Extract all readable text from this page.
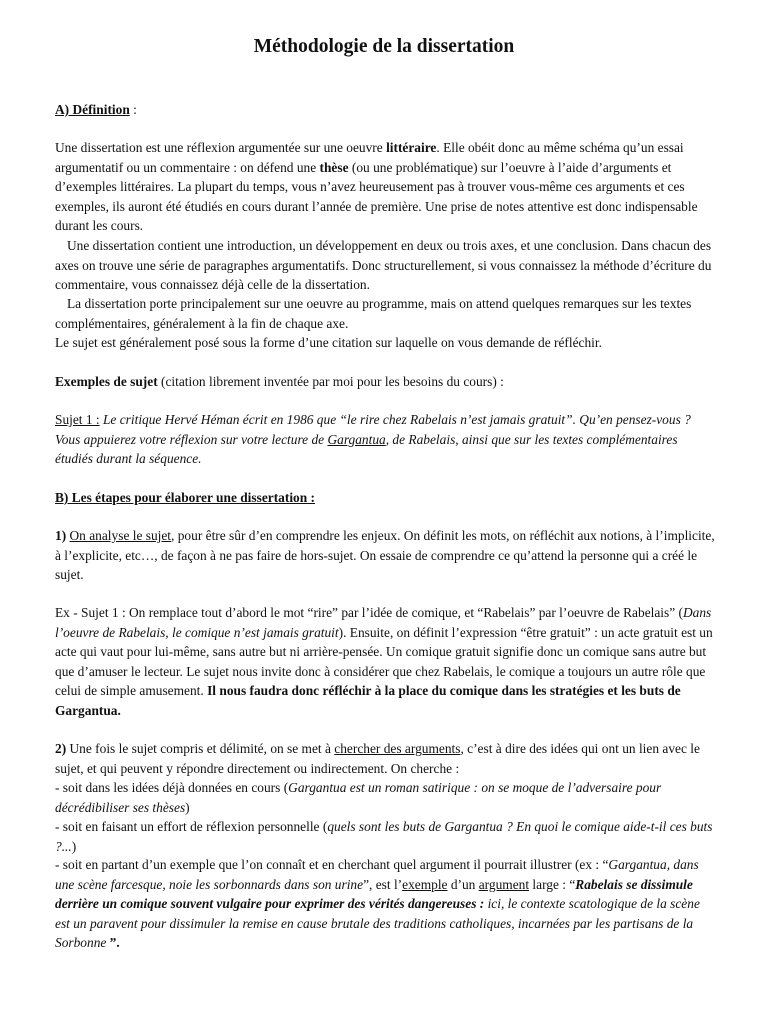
Méthodologie de la dissertation

A) Définition :

Une dissertation est une réflexion argumentée sur une oeuvre littéraire. Elle obéit donc au même schéma qu’un essai argumentatif ou un commentaire : on défend une thèse (ou une problématique) sur l’oeuvre à l’aide d’arguments et d’exemples littéraires. La plupart du temps, vous n’avez heureusement pas à trouver vous-même ces arguments et ces exemples, ils auront été étudiés en cours durant l’année de première. Une prise de notes attentive est donc indispensable durant les cours.

Une dissertation contient une introduction, un développement en deux ou trois axes, et une conclusion. Dans chacun des axes on trouve une série de paragraphes argumentatifs. Donc structurellement, si vous connaissez la méthode d’écriture du commentaire, vous connaissez déjà celle de la dissertation.

La dissertation porte principalement sur une oeuvre au programme, mais on attend quelques remarques sur les textes complémentaires, généralement à la fin de chaque axe.

Le sujet est généralement posé sous la forme d’une citation sur laquelle on vous demande de réfléchir.

Exemples de sujet (citation librement inventée par moi pour les besoins du cours) :

Sujet 1 : Le critique Hervé Héman écrit en 1986 que “le rire chez Rabelais n’est jamais gratuit”. Qu’en pensez-vous ? Vous appuierez votre réflexion sur votre lecture de Gargantua, de Rabelais, ainsi que sur les textes complémentaires étudiés durant la séquence.

B) Les étapes pour élaborer une dissertation :

1) On analyse le sujet, pour être sûr d’en comprendre les enjeux. On définit les mots, on réfléchit aux notions, à l’implicite, à l’explicite, etc…, de façon à ne pas faire de hors-sujet. On essaie de comprendre ce qu’attend la personne qui a créé le sujet.

Ex - Sujet 1 : On remplace tout d’abord le mot “rire” par l’idée de comique, et “Rabelais” par l’oeuvre de Rabelais” (Dans l’oeuvre de Rabelais, le comique n’est jamais gratuit). Ensuite, on définit l’expression “être gratuit” : un acte gratuit est un acte qui vaut pour lui-même, sans autre but ni arrière-pensée. Un comique gratuit signifie donc un comique sans autre but que d’amuser le lecteur. Le sujet nous invite donc à considérer que chez Rabelais, le comique a toujours un autre rôle que celui de simple amusement. Il nous faudra donc réfléchir à la place du comique dans les stratégies et les buts de Gargantua.

2) Une fois le sujet compris et délimité, on se met à chercher des arguments, c’est à dire des idées qui ont un lien avec le sujet, et qui peuvent y répondre directement ou indirectement. On cherche :

- soit dans les idées déjà données en cours (Gargantua est un roman satirique : on se moque de l’adversaire pour décrédibiliser ses thèses)

- soit en faisant un effort de réflexion personnelle (quels sont les buts de Gargantua ? En quoi le comique aide-t-il ces buts ?...)

- soit en partant d’un exemple que l’on connaît et en cherchant quel argument il pourrait illustrer (ex : “Gargantua, dans une scène farcesque, noie les sorbonnards dans son urine”, est l’exemple d’un argument large : “Rabelais se dissimule derrière un comique souvent vulgaire pour exprimer des vérités dangereuses : ici, le contexte scatologique de la scène est un paravent pour dissimuler la remise en cause brutale des traditions catholiques, incarnées par les partisans de la Sorbonne ”.
